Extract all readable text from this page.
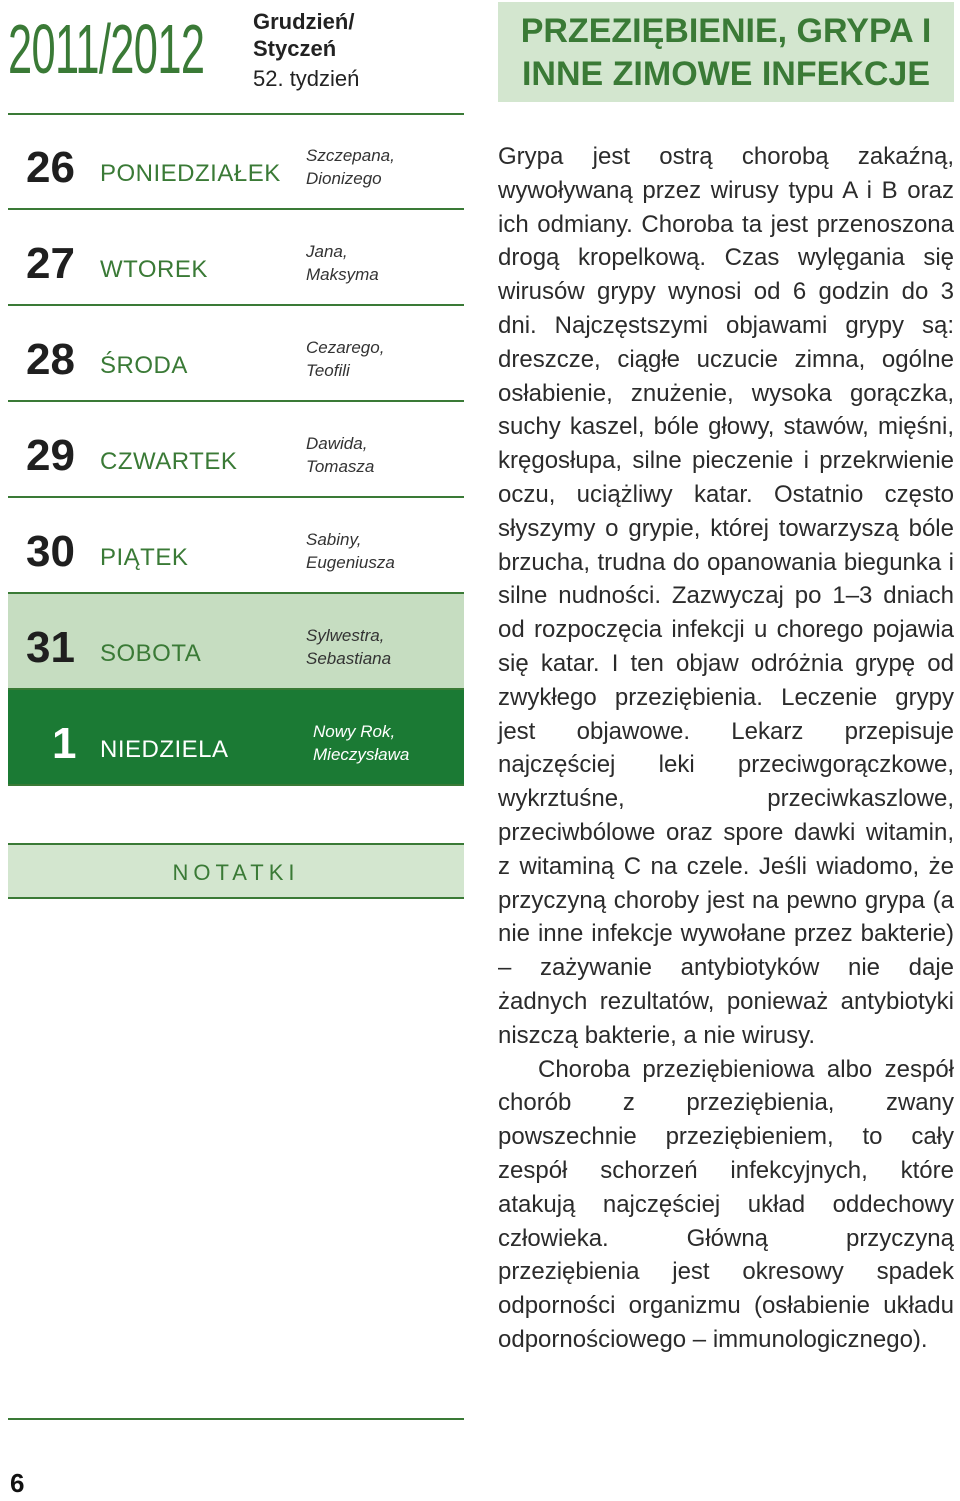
2011/2012 Grudzień/ Styczeń
52. tydzień
PRZEZIĘBIENIE, GRYPA I INNE ZIMOWE INFEKCJE
26 PONIEDZIAŁEK
Szczepana, Dionizego
27 WTOREK
Jana, Maksyma
28 ŚRODA
Cezarego, Teofili
29 CZWARTEK
Dawida, Tomasza
30 PIĄTEK
Sabiny, Eugeniusza
31 SOBOTA
Sylwestra, Sebastiana
1 NIEDZIELA
Nowy Rok, Mieczysława
NOTATKI

Grypa jest ostrą chorobą zakaźną, wywoływaną przez wirusy typu A i B oraz ich odmiany. Choroba ta jest przenoszona drogą kropelkową. Czas wylęgania się wirusów grypy wynosi od 6 godzin do 3 dni. Najczęstszymi objawami grypy są: dreszcze, ciągłe uczucie zimna, ogólne osłabienie, znużenie, wysoka gorączka, suchy kaszel, bóle głowy, stawów, mięśni, kręgosłupa, silne pieczenie i przekrwienie oczu, uciążliwy katar. Ostatnio często słyszymy o grypie, której towarzyszą bóle brzucha, trudna do opanowania biegunka i silne nudności. Zazwyczaj po 1–3 dniach od rozpoczęcia infekcji u chorego pojawia się katar. I ten objaw odróżnia grypę od zwykłego przeziębienia. Leczenie grypy jest objawowe. Lekarz przepisuje najczęściej leki przeciwgorączkowe, wykrztuśne, przeciwkaszlowe, przeciwbólowe oraz spore dawki witamin, z witaminą C na czele. Jeśli wiadomo, że przyczyną choroby jest na pewno grypa (a nie inne infekcje wywołane przez bakterie) – zażywanie antybiotyków nie daje żadnych rezultatów, ponieważ antybiotyki niszczą bakterie, a nie wirusy.

Choroba przeziębieniowa albo zespół chorób z przeziębienia, zwany powszechnie przeziębieniem, to cały zespół schorzeń infekcyjnych, które atakują najczęściej układ oddechowy człowieka. Główną przyczyną przeziębienia jest okresowy spadek odporności organizmu (osłabienie układu odpornościowego – immunologicznego).

6
